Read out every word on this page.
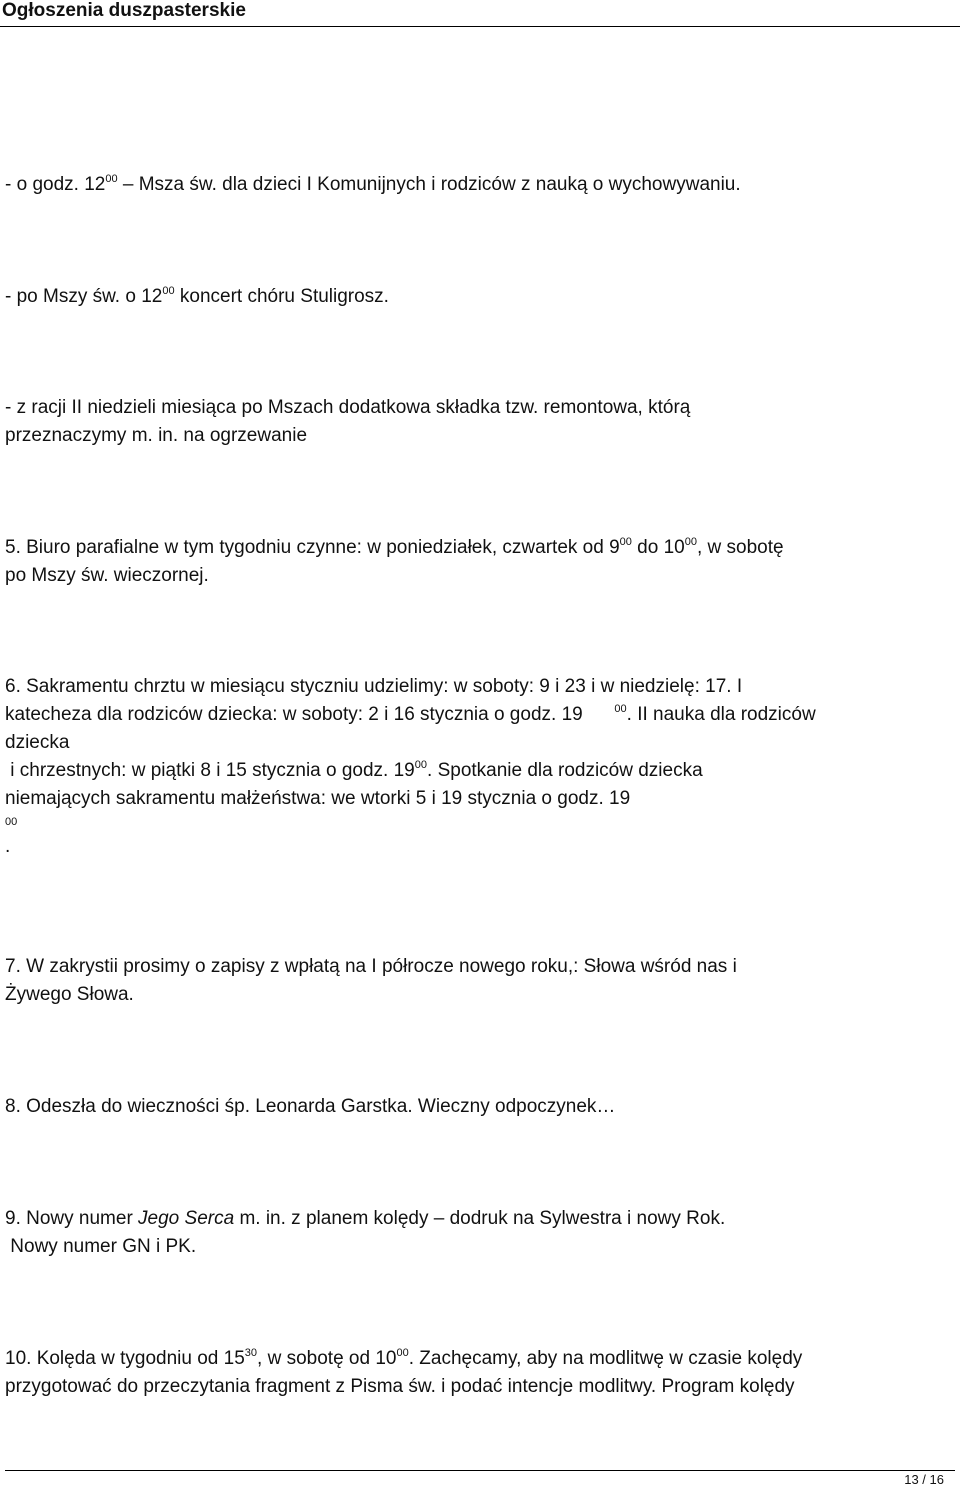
Ogłoszenia duszpasterskie
- o godz. $12^{00}$ – Msza św. dla dzieci I Komunijnych i rodziców z nauką o wychowywaniu.
- po Mszy św. o $12^{00}$ koncert chóru Stuligrosz.
- z racji II niedzieli miesiąca po Mszach dodatkowa składka tzw. remontowa, którą
przeznaczymy m. in. na ogrzewanie
5. Biuro parafialne w tym tygodniu czynne: w poniedziałek, czwartek od $9^{00}$ do $10^{00}$, w sobotę
po Mszy św. wieczornej.
6. Sakramentu chrztu w miesiącu styczniu udzielimy: w soboty: 9 i 23 i w niedzielę: 17. I
katecheza dla rodziców dziecka: w soboty: 2 i 16 stycznia o godz. 19	$^{00}$. II nauka dla rodziców
dziecka
i chrzestnych: w piątki 8 i 15 stycznia o godz. $19^{00}$. Spotkanie dla rodziców dziecka
niemających sakramentu małżeństwa: we wtorki 5 i 19 stycznia o godz. 19
00
.
7. W zakrystii prosimy o zapisy z wpłatą na I półrocze nowego roku,: Słowa wśród nas i
Żywego Słowa.
8. Odeszła do wieczności śp. Leonarda Garstka. Wieczny odpoczynek…
9. Nowy numer Jego Serca m. in. z planem kolędy – dodruk na Sylwestra i nowy Rok.
Nowy numer GN i PK.
10. Kolęda w tygodniu od $15^{30}$, w sobotę od $10^{00}$. Zachęcamy, aby na modlitwę w czasie kolędy
przygotować do przeczytania fragment z Pisma św. i podać intencje modlitwy. Program kolędy
13 / 16
